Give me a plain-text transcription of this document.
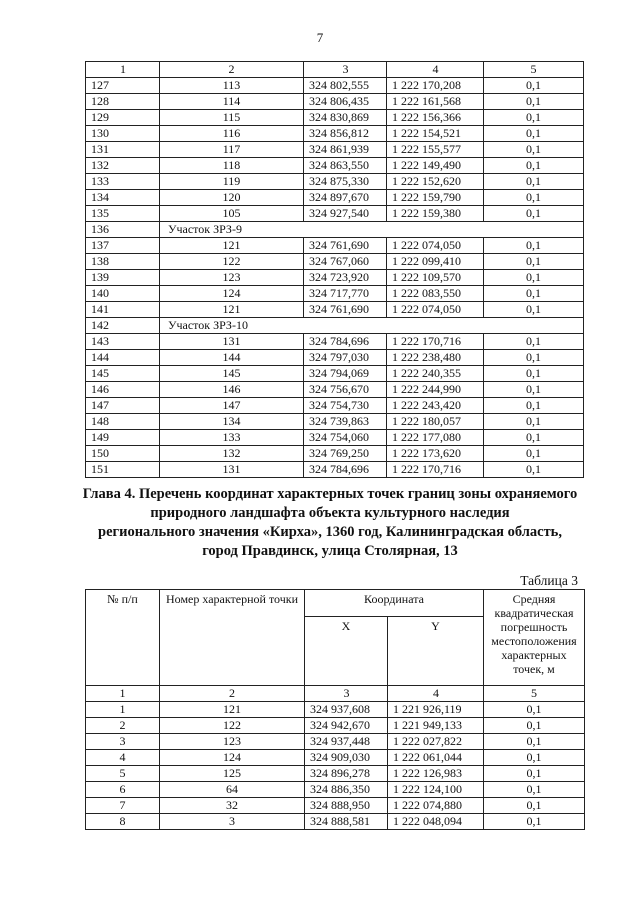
7
1	2	3	4	5
127	113	324 802,555	1 222 170,208	0,1
128	114	324 806,435	1 222 161,568	0,1
129	115	324 830,869	1 222 156,366	0,1
130	116	324 856,812	1 222 154,521	0,1
131	117	324 861,939	1 222 155,577	0,1
132	118	324 863,550	1 222 149,490	0,1
133	119	324 875,330	1 222 152,620	0,1
134	120	324 897,670	1 222 159,790	0,1
135	105	324 927,540	1 222 159,380	0,1
136	Участок ЗРЗ-9			
137	121	324 761,690	1 222 074,050	0,1
138	122	324 767,060	1 222 099,410	0,1
139	123	324 723,920	1 222 109,570	0,1
140	124	324 717,770	1 222 083,550	0,1
141	121	324 761,690	1 222 074,050	0,1
142	Участок ЗРЗ-10			
143	131	324 784,696	1 222 170,716	0,1
144	144	324 797,030	1 222 238,480	0,1
145	145	324 794,069	1 222 240,355	0,1
146	146	324 756,670	1 222 244,990	0,1
147	147	324 754,730	1 222 243,420	0,1
148	134	324 739,863	1 222 180,057	0,1
149	133	324 754,060	1 222 177,080	0,1
150	132	324 769,250	1 222 173,620	0,1
151	131	324 784,696	1 222 170,716	0,1
Глава 4. Перечень координат характерных точек границ зоны охраняемого
природного ландшафта объекта культурного наследия
регионального значения «Кирха», 1360 год, Калининградская область,
город Правдинск, улица Столярная, 13
Таблица 3
№ п/п	Номер характерной точки	Координата		Средняя квадратическая погрешность местоположения характерных точек, м
		X	Y	
1	2	3	4	5
1	121	324 937,608	1 221 926,119	0,1
2	122	324 942,670	1 221 949,133	0,1
3	123	324 937,448	1 222 027,822	0,1
4	124	324 909,030	1 222 061,044	0,1
5	125	324 896,278	1 222 126,983	0,1
6	64	324 886,350	1 222 124,100	0,1
7	32	324 888,950	1 222 074,880	0,1
8	3	324 888,581	1 222 048,094	0,1
